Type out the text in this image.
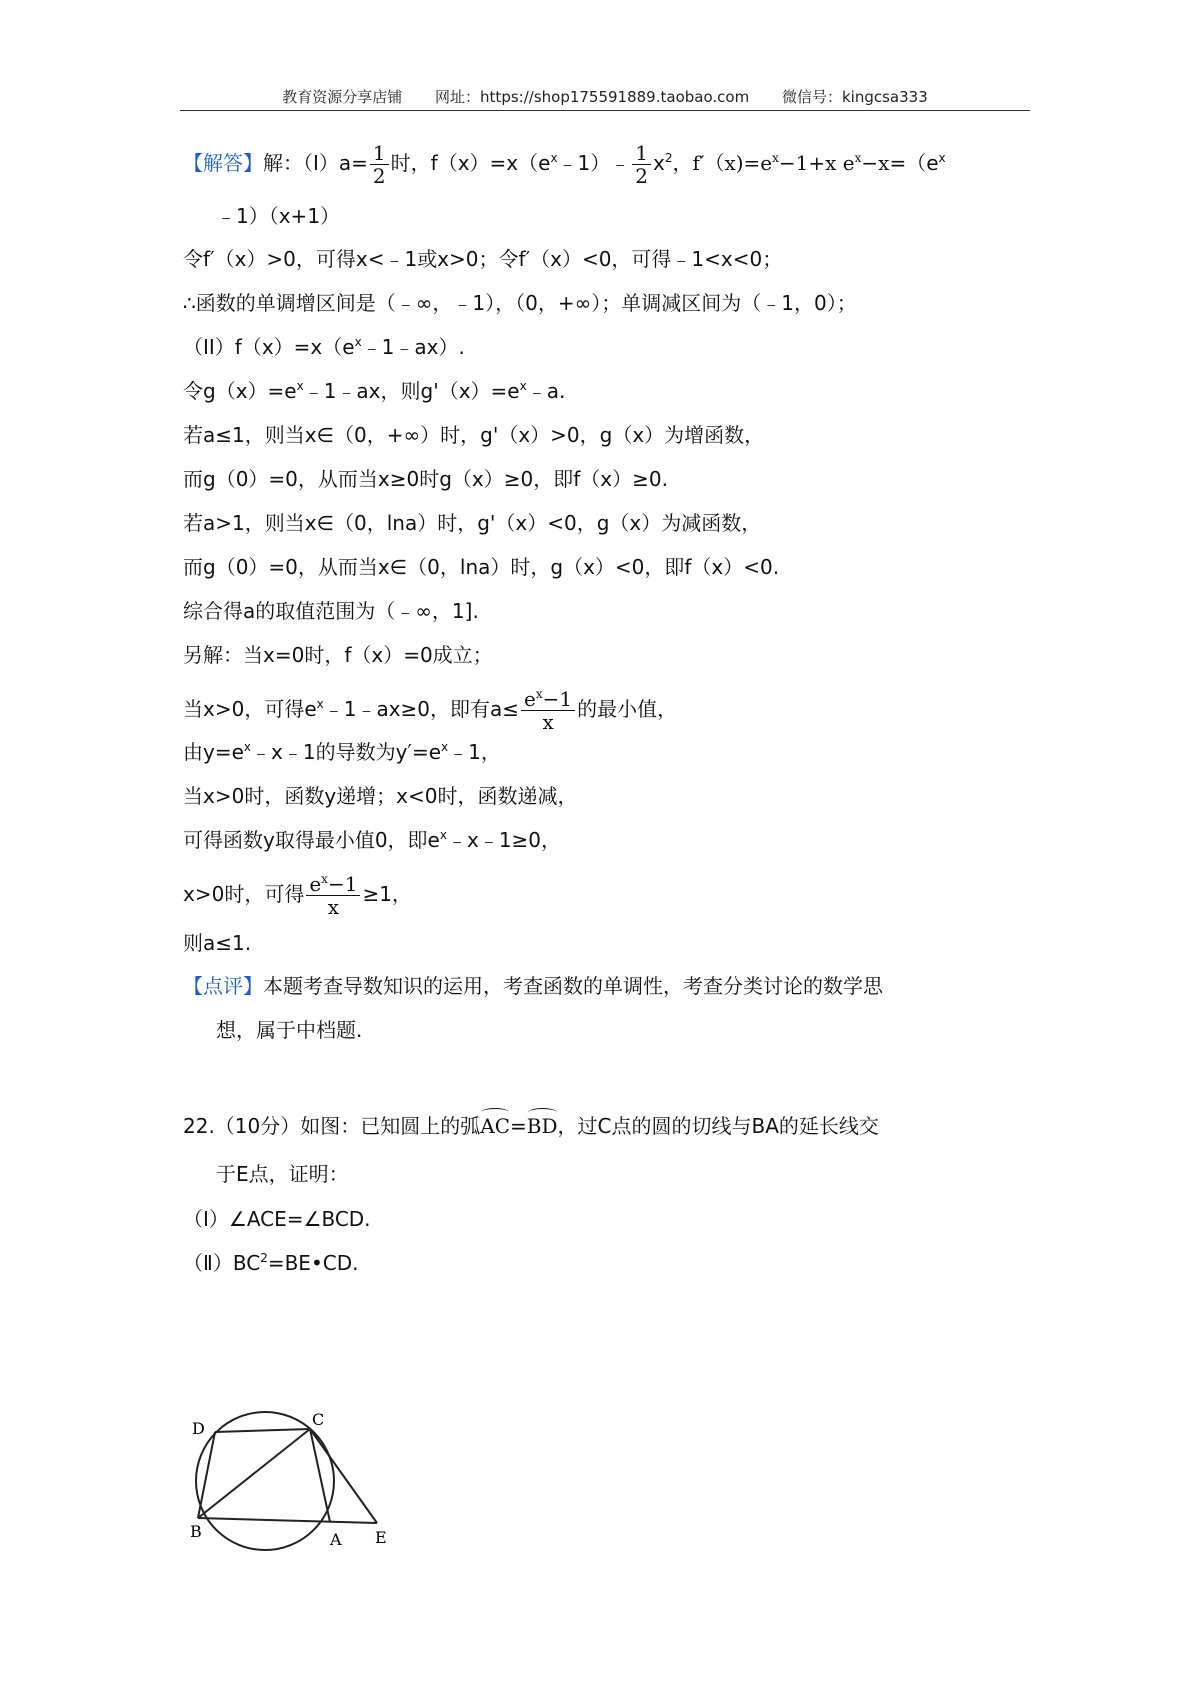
教育资源分享店铺 网址：https://shop175591889.taobao.com 微信号：kingcsa333
【解答】解：$(I)a= \frac{1}{2}$ 时，$f(x)=x(e^x﹣1)﹣ \frac{1}{2} x^2$，$f'(x)=e^x-1+x$ $e^x-x=(e^x$
﹣1）（x+1）
令f′（x）>0，可得x<﹣1或x>0；令f′（x）<0，可得﹣1<x<0；
∴函数的单调增区间是（﹣∞，﹣1），（0，+∞）；单调减区间为（﹣1，0）；
$(II)f(x)=x(e^x﹣1﹣ax)$.
令$g(x)=e^x﹣1﹣ax$，则$g'(x)=e^x﹣a$.
若a≤1，则当x∈（0，+∞）时，g'（x）>0，g（x）为增函数，
而g（0）=0，从而当x≥0时g（x）≥0，即f（x）≥0.
若a>1，则当x∈（0，lna）时，g'（x）<0，g（x）为减函数，
而g（0）=0，从而当x∈（0，lna）时，g（x）<0，即f（x）<0.
综合得a的取值范围为（﹣∞，1].
另解：当x=0时，f（x）=0成立；
当x>0，可得$e^x﹣1﹣ax\ge 0$，即有$a\le \frac{e^x-1}{x}$ 的最小值，
由$y=e^x﹣x﹣1$的导数为$y'=e^x﹣1$，
当x>0时，函数y递增；x<0时，函数递减，
可得函数y取得最小值0，即$e^x﹣x﹣1\ge 0$，
x>0时，可得 $\frac{e^x-1}{x} \ge 1$，
则a≤1.
【点评】本题考查导数知识的运用，考查函数的单调性，考查分类讨论的数学思
想，属于中档题.
22.（10分）如图：已知圆上的弧AC=BD，过C点的圆的切线与BA的延长线交
于E点，证明：
（Ⅰ）∠ACE=∠BCD.
$(Ⅱ)BC^2=BE•CD$.
D	C
B	A E
